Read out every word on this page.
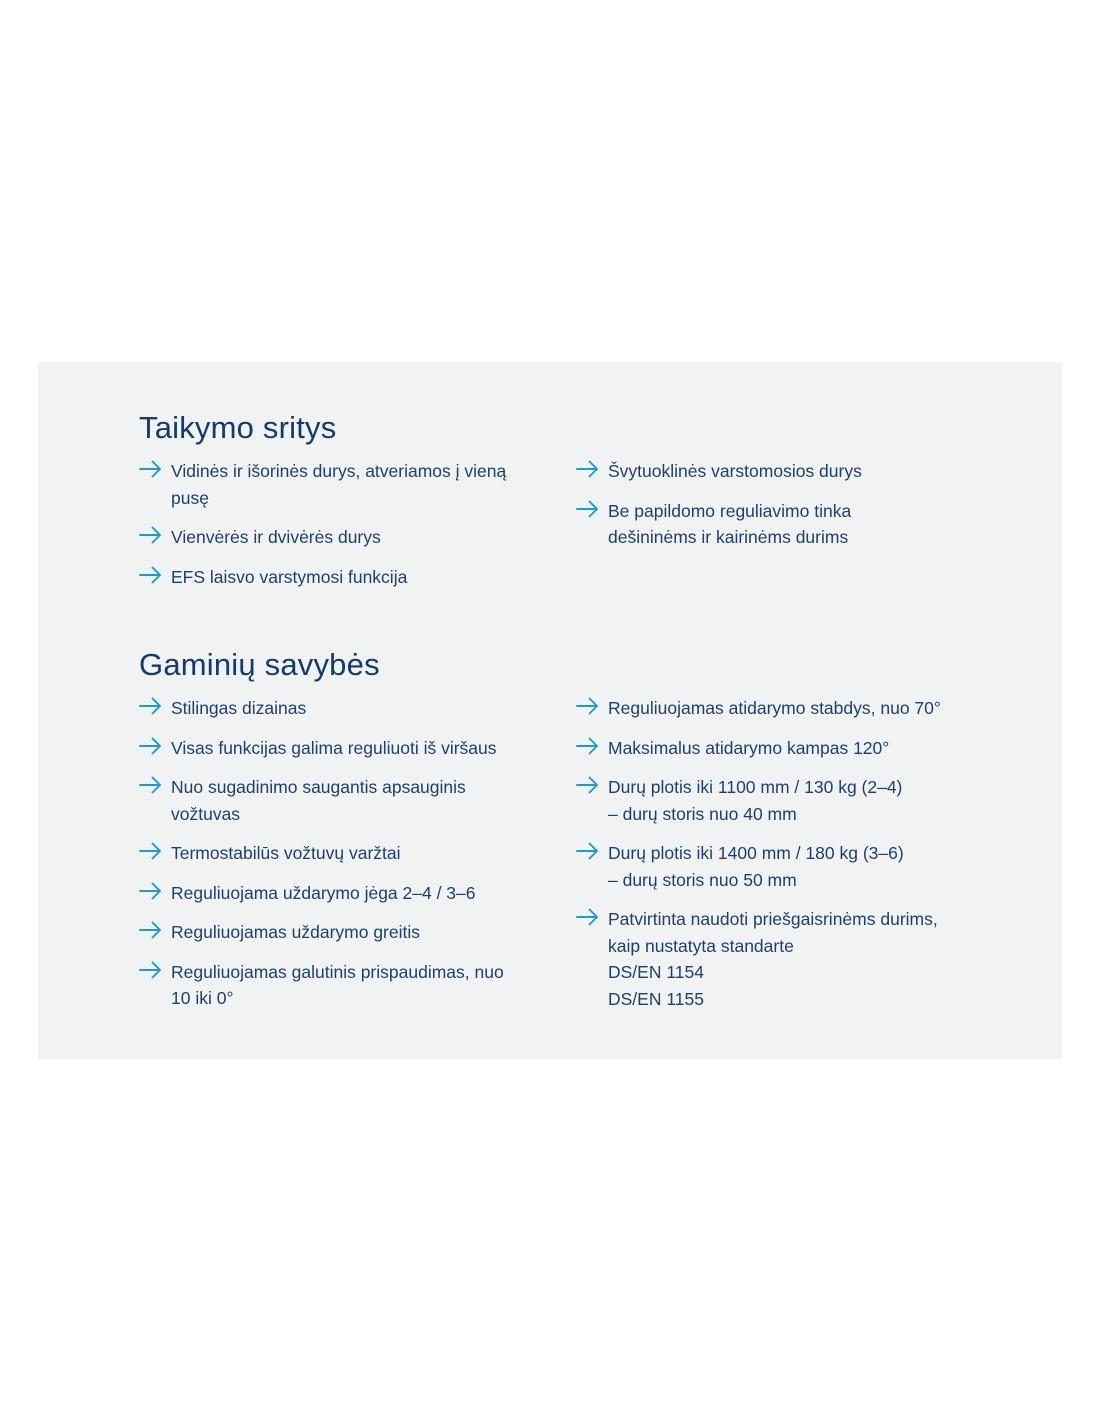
Taikymo sritys
Vidinės ir išorinės durys, atveriamos į vieną
pusę
Vienvėrės ir dvivėrės durys
EFS laisvo varstymosi funkcija
Švytuoklinės varstomosios durys
Be papildomo reguliavimo tinka
dešininėms ir kairinėms durims
Gaminių savybės
Stilingas dizainas
Visas funkcijas galima reguliuoti iš viršaus
Nuo sugadinimo saugantis apsauginis
vožtuvas
Termostabilūs vožtuvų varžtai
Reguliuojama uždarymo jėga 2–4 / 3–6
Reguliuojamas uždarymo greitis
Reguliuojamas galutinis prispaudimas, nuo
10 iki 0°
Reguliuojamas atidarymo stabdys, nuo 70°
Maksimalus atidarymo kampas 120°
Durų plotis iki 1100 mm / 130 kg (2–4)
– durų storis nuo 40 mm
Durų plotis iki 1400 mm / 180 kg (3–6)
– durų storis nuo 50 mm
Patvirtinta naudoti priešgaisrinėms durims,
kaip nustatyta standarte
DS/EN 1154
DS/EN 1155
